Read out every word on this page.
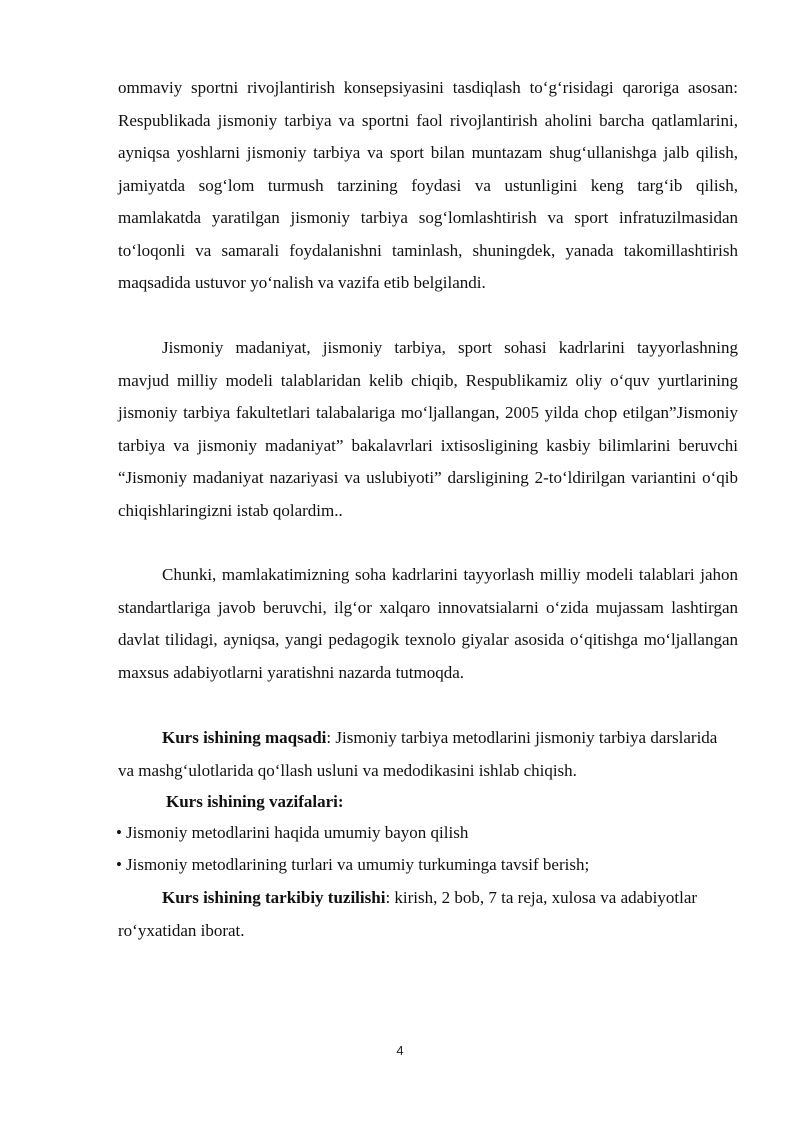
ommaviy sportni rivojlantirish konsepsiyasini tasdiqlash to‘g‘risidagi qaroriga asosan: Respublikada jismoniy tarbiya va sportni faol rivojlantirish aholini barcha qatlamlarini, ayniqsa yoshlarni jismoniy tarbiya va sport bilan muntazam shug‘ullanishga jalb qilish, jamiyatda sog‘lom turmush tarzining foydasi va ustunligini keng targ‘ib qilish, mamlakatda yaratilgan jismoniy tarbiya sog‘lomlashtirish va sport infratuzilmasidan to‘loqonli va samarali foydalanishni taminlash, shuningdek, yanada takomillashtirish maqsadida ustuvor yo‘nalish va vazifa etib belgilandi.

Jismoniy madaniyat, jismoniy tarbiya, sport sohasi kadrlarini tayyorlashning mavjud milliy modeli talablaridan kelib chiqib, Respublikamiz oliy o‘quv yurtlarining jismoniy tarbiya fakultetlari talabalariga mo‘ljallangan, 2005 yilda chop etilgan”Jismoniy tarbiya va jismoniy madaniyat” bakalavrlari ixtisosligining kasbiy bilimlarini beruvchi “Jismoniy madaniyat nazariyasi va uslubiyoti” darsligining 2-to‘ldirilgan variantini o‘qib chiqishlaringizni istab qolardim..

Chunki, mamlakatimizning soha kadrlarini tayyorlash milliy modeli talablari jahon standartlariga javob beruvchi, ilg‘or xalqaro innovatsialarni o‘zida mujassam lashtirgan davlat tilidagi, ayniqsa, yangi pedagogik texnolo giyalar asosida o‘qitishga mo‘ljallangan maxsus adabiyotlarni yaratishni nazarda tutmoqda.

Kurs ishining maqsadi: Jismoniy tarbiya metodlarini jismoniy tarbiya darslarida va mashg‘ulotlarida qo‘llash usluni va medodikasini ishlab chiqish.

Kurs ishining vazifalari:

• Jismoniy metodlarini haqida umumiy bayon qilish
• Jismoniy metodlarining turlari va umumiy turkuminga tavsif berish;

Kurs ishining tarkibiy tuzilishi: kirish, 2 bob, 7 ta reja, xulosa va adabiyotlar ro‘yxatidan iborat.

4
